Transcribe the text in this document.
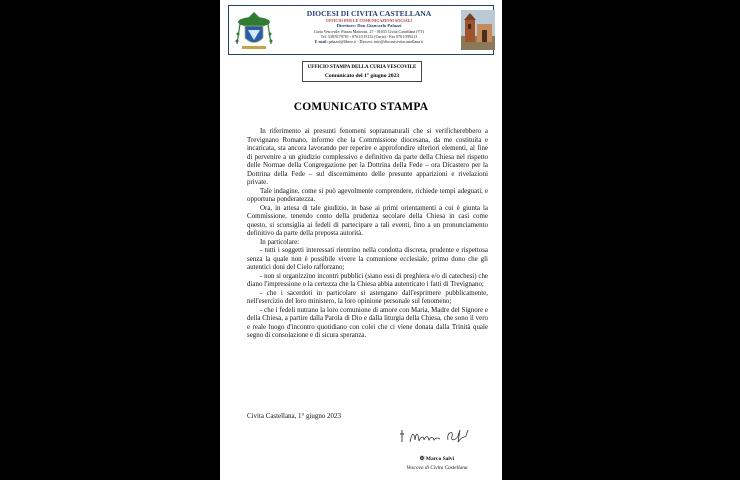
DIOCESI DI CIVITA CASTELLANA
UFFICIO PER LE COMUNICAZIONI SOCIALI
Direttore: Don Giancarlo Palazzi
Curia Vescovile: Piazza Matteotti, 27 - 01033 Civita Castellana (VT)
Tel. 338/9179701 - 0761/515132 (Curia) - Fax 0761/599213
E-mail: palazzi@libero.it - Diocesi: info@diocesicivitacastellana.it
UFFICIO STAMPA DELLA CURIA VESCOVILE
Comunicato del 1° giugno 2023
COMUNICATO STAMPA

In riferimento ai presunti fenomeni soprannaturali che si verificherebbero a Trevignano Romano, informo che la Commissione diocesana, da me costituita e incaricata, sta ancora lavorando per reperire e approfondire ulteriori elementi, al fine di pervenire a un giudizio complessivo e definitivo da parte della Chiesa nel rispetto delle Normae della Congregazione per la Dottrina della Fede – ora Dicastero per la Dottrina della Fede – sul discernimento delle presunte apparizioni e rivelazioni private.

Tale indagine, come si può agevolmente comprendere, richiede tempi adeguati, e opportuna ponderatezza.

Ora, in attesa di tale giudizio, in base ai primi orientamenti a cui è giunta la Commissione, tenendo conto della prudenza secolare della Chiesa in casi come questo, si sconsiglia ai fedeli di partecipare a tali eventi, fino a un pronunciamento definitivo da parte della preposta autorità.

In particolare:

- tutti i soggetti interessati rientrino nella condotta discreta, prudente e rispettosa senza la quale non è possibile vivere la comunione ecclesiale, primo dono che gli autentici doni del Cielo rafforzano;

- non si organizzino incontri pubblici (siano essi di preghiera e/o di catechesi) che diano l'impressione o la certezza che la Chiesa abbia autenticato i fatti di Trevignano;

- che i sacerdoti in particolare si astengano dall'esprimere pubblicamente, nell'esercizio del loro ministero, la loro opinione personale sul fenomeno;

- che i fedeli nutrano la loro comunione di amore con Maria, Madre del Signore e della Chiesa, a partire dalla Parola di Dio e dalla liturgia della Chiesa, che sono il vero e reale luogo d'incontro quotidiano con colei che ci viene donata dalla Trinità quale segno di consolazione e di sicura speranza.

Civita Castellana, 1° giugno 2023
✠ Marco Salvi
Vescovo di Civita Castellana
